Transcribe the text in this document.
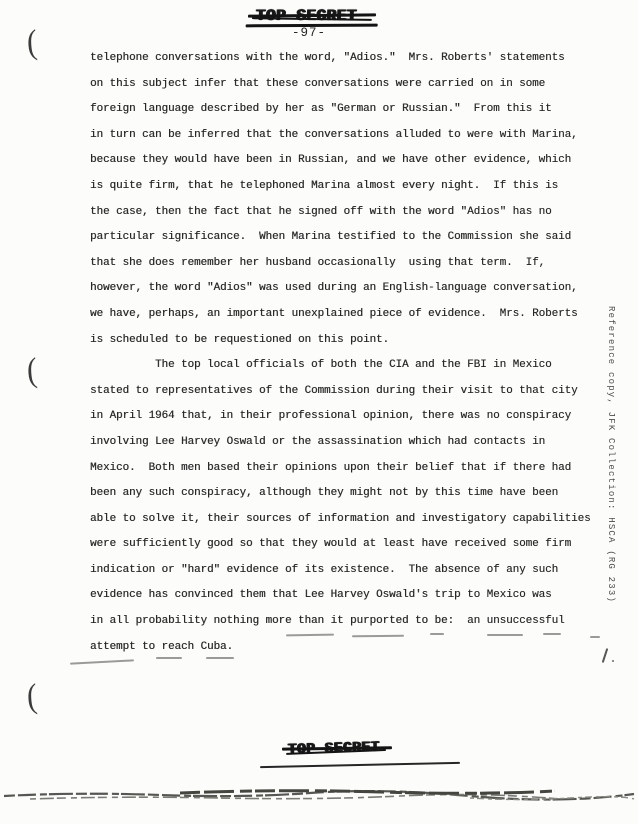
-97-
telephone conversations with the word, "Adios."  Mrs. Roberts' statements
on this subject infer that these conversations were carried on in some
foreign language described by her as "German or Russian."  From this it
in turn can be inferred that the conversations alluded to were with Marina,
because they would have been in Russian, and we have other evidence, which
is quite firm, that he telephoned Marina almost every night.  If this is
the case, then the fact that he signed off with the word "Adios" has no
particular significance.  When Marina testified to the Commission she said
that she does remember her husband occasionally  using that term.  If,
however, the word "Adios" was used during an English-language conversation,
we have, perhaps, an important unexplained piece of evidence.  Mrs. Roberts
is scheduled to be requestioned on this point.
The top local officials of both the CIA and the FBI in Mexico
stated to representatives of the Commission during their visit to that city
in April 1964 that, in their professional opinion, there was no conspiracy
involving Lee Harvey Oswald or the assassination which had contacts in
Mexico.  Both men based their opinions upon their belief that if there had
been any such conspiracy, although they might not by this time have been
able to solve it, their sources of information and investigatory capabilities
were sufficiently good so that they would at least have received some firm
indication or "hard" evidence of its existence.  The absence of any such
evidence has convinced them that Lee Harvey Oswald's trip to Mexico was
in all probability nothing more than it purported to be:  an unsuccessful
attempt to reach Cuba.
Reference copy, JFK Collection: HSCA (RG 233)
(
(
(
